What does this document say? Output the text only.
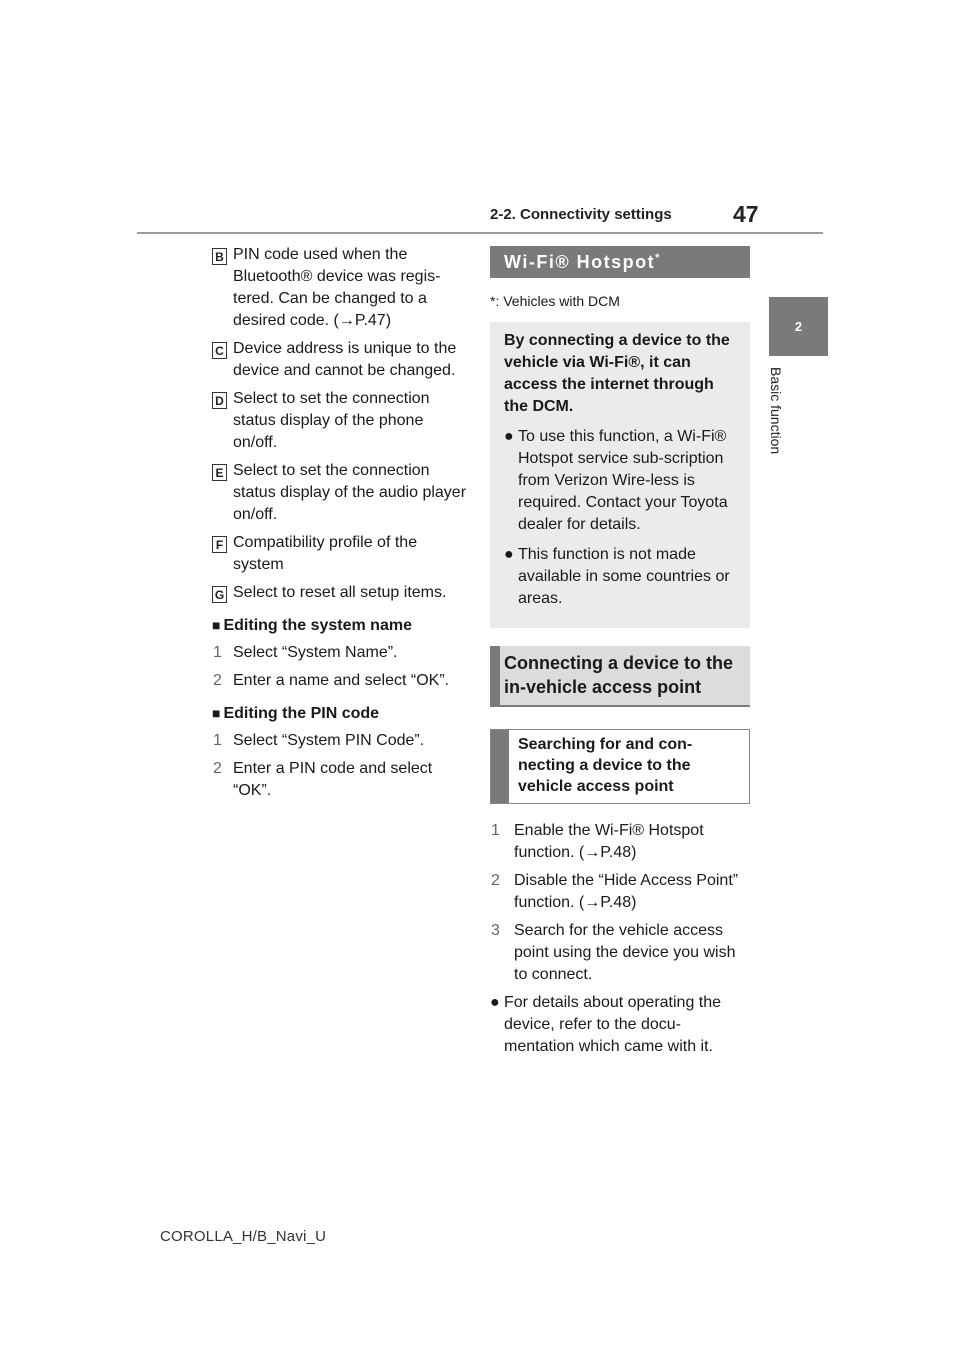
2-2. Connectivity settings	47
2
Basic function
B PIN code used when the Bluetooth® device was regis-tered. Can be changed to a desired code. (→P.47)
C Device address is unique to the device and cannot be changed.
D Select to set the connection status display of the phone on/off.
E Select to set the connection status display of the audio player on/off.
F Compatibility profile of the system
G Select to reset all setup items.
■ Editing the system name
1 Select “System Name”.
2 Enter a name and select “OK”.
■ Editing the PIN code
1 Select “System PIN Code”.
2 Enter a PIN code and select “OK”.
Wi-Fi® Hotspot*
*: Vehicles with DCM
By connecting a device to the vehicle via Wi-Fi®, it can access the internet through the DCM.
● To use this function, a Wi-Fi® Hotspot service sub-scription from Verizon Wire-less is required. Contact your Toyota dealer for details.
● This function is not made available in some countries or areas.
Connecting a device to the in-vehicle access point
Searching for and con-necting a device to the vehicle access point
1 Enable the Wi-Fi® Hotspot function. (→P.48)
2 Disable the “Hide Access Point” function. (→P.48)
3 Search for the vehicle access point using the device you wish to connect.
● For details about operating the device, refer to the docu-mentation which came with it.
COROLLA_H/B_Navi_U
